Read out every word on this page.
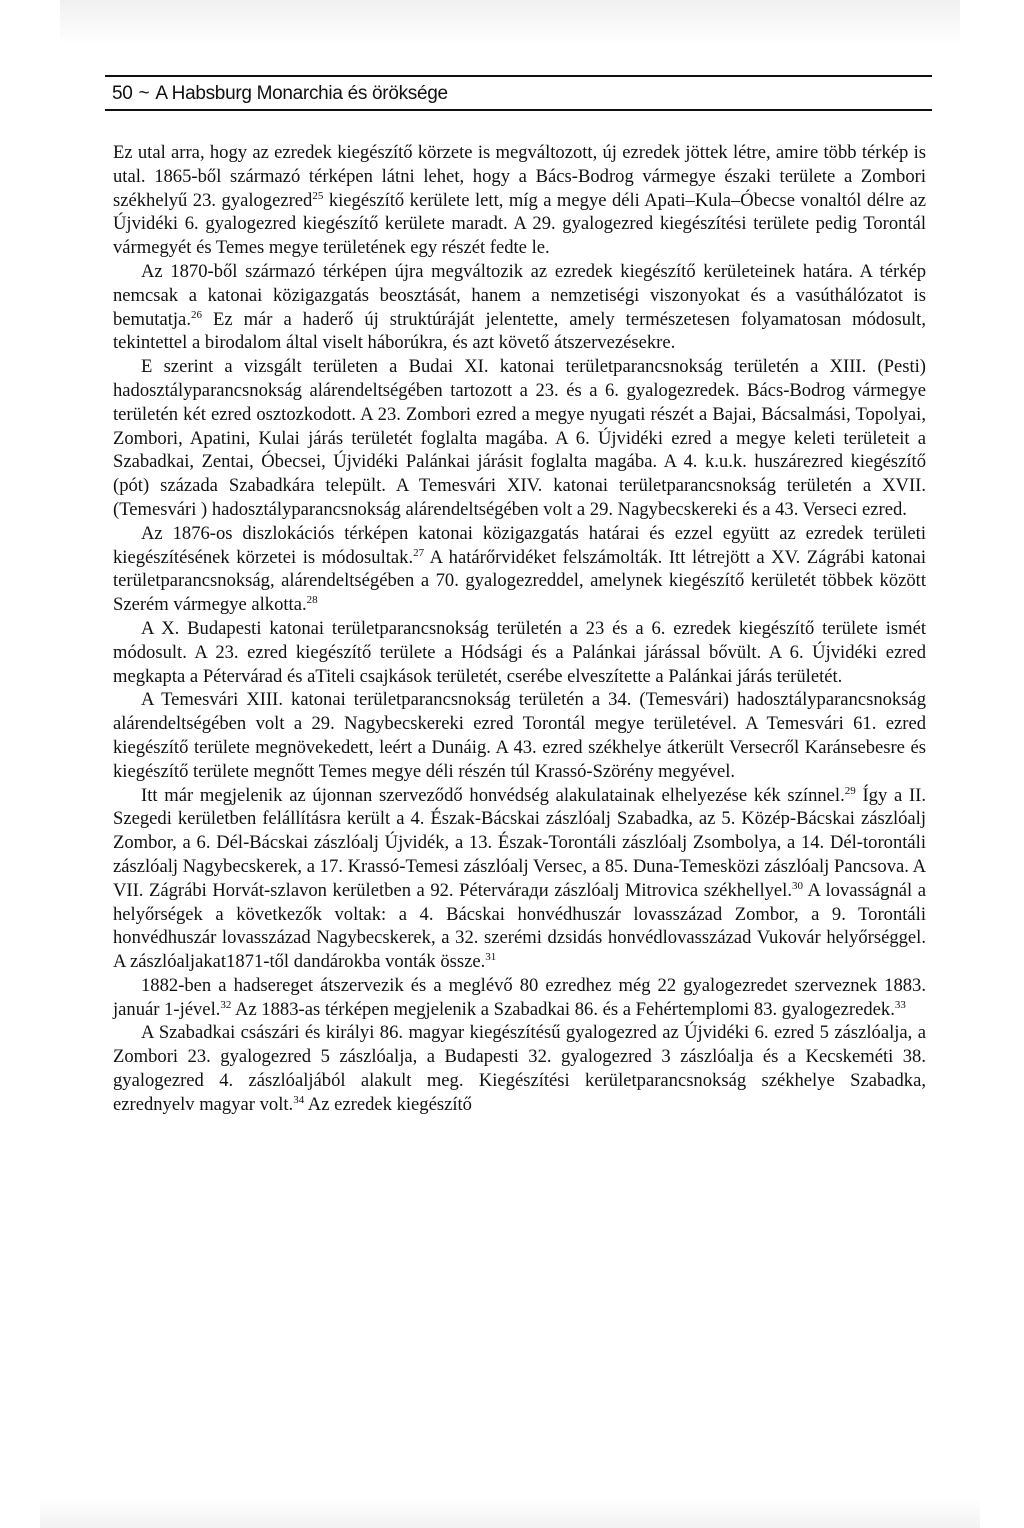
50 ~ A Habsburg Monarchia és öröksége

Ez utal arra, hogy az ezredek kiegészítő körzete is megváltozott, új ezredek jöttek létre, amire több térkép is utal. 1865-ből származó térképen látni lehet, hogy a Bács-Bodrog vármegye északi területe a Zombori székhelyű 23. gyalogezred$^{25}$ kiegészítő kerülete lett, míg a megye déli Apati–Kula–Óbecse vonaltól délre az Újvidéki 6. gyalogezred kiegészítő kerülete maradt. A 29. gyalogezred kiegészítési területe pedig Torontál vármegyét és Temes megye területének egy részét fedte le.

Az 1870-ből származó térképen újra megváltozik az ezredek kiegészítő kerületeinek határa. A térkép nemcsak a katonai közigazgatás beosztását, hanem a nemzetiségi viszonyokat és a vasúthálózatot is bemutatja.$^{26}$ Ez már a haderő új struktúráját jelentette, amely természetesen folyamatosan módosult, tekintettel a birodalom által viselt háborúkra, és azt követő átszervezésekre.

E szerint a vizsgált területen a Budai XI. katonai területparancsnokság területén a XIII. (Pesti) hadosztályparancsnokság alárendeltségében tartozott a 23. és a 6. gyalogezredek. Bács-Bodrog vármegye területén két ezred osztozkodott. A 23. Zombori ezred a megye nyugati részét a Bajai, Bácsalmási, Topolyai, Zombori, Apatini, Kulai járás területét foglalta magába. A 6. Újvidéki ezred a megye keleti területeit a Szabadkai, Zentai, Óbecsei, Újvidéki Palánkai járásit foglalta magába. A 4. k.u.k. huszárezred kiegészítő (pót) százada Szabadkára települt. A Temesvári XIV. katonai területparancsnokság területén a XVII. (Temesvári ) hadosztályparancsnokság alárendeltségében volt a 29. Nagybecskereki és a 43. Verseci ezred.

Az 1876-os diszlokációs térképen katonai közigazgatás határai és ezzel együtt az ezredek területi kiegészítésének körzetei is módosultak.$^{27}$ A határőrvidéket felszámolták. Itt létrejött a XV. Zágrábi katonai területparancsnokság, alárendeltségében a 70. gyalogezreddel, amelynek kiegészítő kerületét többek között Szerém vármegye alkotta.$^{28}$

A X. Budapesti katonai területparancsnokság területén a 23 és a 6. ezredek kiegészítő területe ismét módosult. A 23. ezred kiegészítő területe a Hódsági és a Palánkai járással bővült. A 6. Újvidéki ezred megkapta a Pétervárad és aTiteli csajkások területét, cserébe elveszítette a Palánkai járás területét.

A Temesvári XIII. katonai területparancsnokság területén a 34. (Temesvári) hadosztályparancsnokság alárendeltségében volt a 29. Nagybecskereki ezred Torontál megye területével. A Temesvári 61. ezred kiegészítő területe megnövekedett, leért a Dunáig. A 43. ezred székhelye átkerült Versecről Karánsebesre és kiegészítő területe megnőtt Temes megye déli részén túl Krassó-Szörény megyével.

Itt már megjelenik az újonnan szerveződő honvédség alakulatainak elhelyezése kék színnel.$^{29}$ Így a II. Szegedi kerületben felállításra került a 4. Észak-Bácskai zászlóalj Szabadka, az 5. Közép-Bácskai zászlóalj Zombor, a 6. Dél-Bácskai zászlóalj Újvidék, a 13. Észak-Torontáli zászlóalj Zsombolya, a 14. Dél-torontáli zászlóalj Nagybecskerek, a 17. Krassó-Temesi zászlóalj Versec, a 85. Duna-Temesközi zászlóalj Pancsova. A VII. Zágrábi Horvát-szlavon kerületben a 92. Pétervárади zászlóalj Mitrovica székhellyel.$^{30}$ A lovasságnál a helyőrségek a következők voltak: a 4. Bácskai honvédhuszár lovasszázad Zombor, a 9. Torontáli honvédhuszár lovasszázad Nagybecskerek, a 32. szerémi dzsidás honvédlovasszázad Vukovár helyőrséggel. A zászlóaljakat1871-től dandárokba vonták össze.$^{31}$

1882-ben a hadsereget átszervezik és a meglévő 80 ezredhez még 22 gyalogezredet szerveznek 1883. január 1-jével.$^{32}$ Az 1883-as térképen megjelenik a Szabadkai 86. és a Fehértemplomi 83. gyalogezredek.$^{33}$

A Szabadkai császári és királyi 86. magyar kiegészítésű gyalogezred az Újvidéki 6. ezred 5 zászlóalja, a Zombori 23. gyalogezred 5 zászlóalja, a Budapesti 32. gyalogezred 3 zászlóalja és a Kecskeméti 38. gyalogezred 4. zászlóaljából alakult meg. Kiegészítési kerületparancsnokság székhelye Szabadka, ezrednyelv magyar volt.$^{34}$ Az ezredek kiegészítő
